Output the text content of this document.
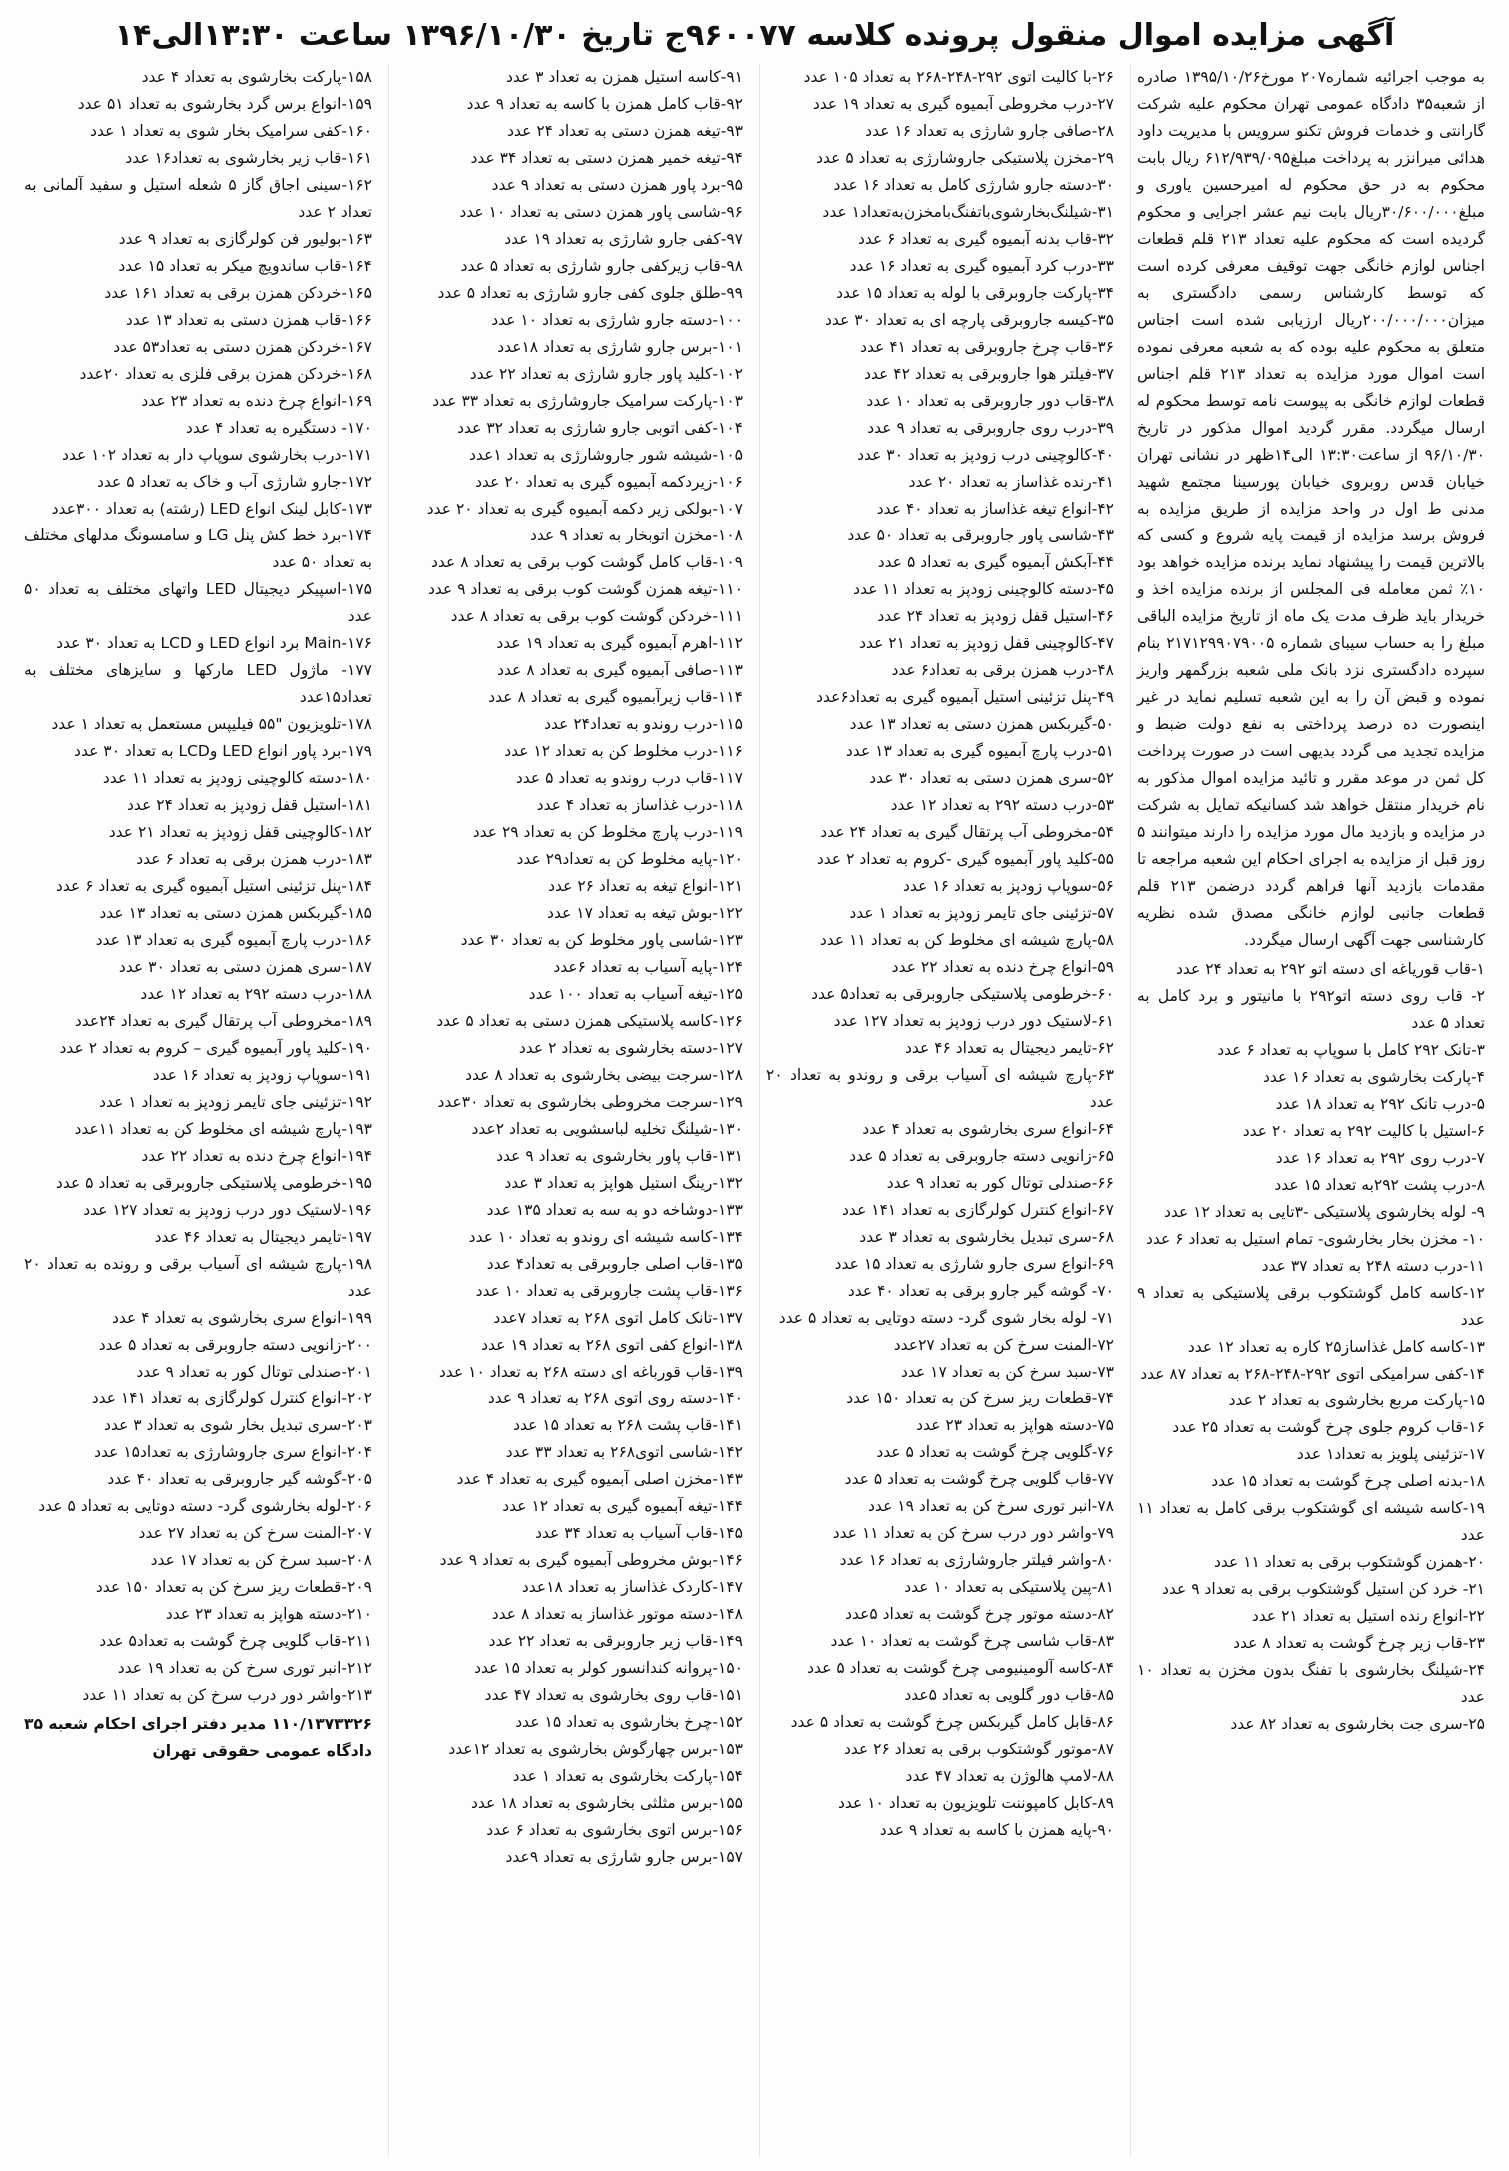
آگهی مزایده اموال منقول پرونده کلاسه ۹۶۰۰۷۷ج تاریخ ۱۳۹۶/۱۰/۳۰ ساعت ۱۳:۳۰الی۱۴

به موجب اجرائیه شماره۲۰۷ مورخ۱۳۹۵/۱۰/۲۶ صادره از شعبه۳۵ دادگاه عمومی تهران محکوم علیه شرکت گارانتی و خدمات فروش تکنو سرویس با مدیریت داود هدائی میرانزر به پرداخت مبلغ۶۱۲/۹۳۹/۰۹۵ ریال بابت محکوم به در حق محکوم له امیرحسین یاوری و مبلغ۳۰/۶۰۰/۰۰۰ریال بابت نیم عشر اجرایی و محکوم گردیده است که محکوم علیه تعداد ۲۱۳ قلم قطعات اجناس لوازم خانگی جهت توقیف معرفی کرده است که توسط کارشناس رسمی دادگستری به میزان۲۰۰/۰۰۰/۰۰۰ریال ارزیابی شده است اجناس متعلق به محکوم علیه بوده که به شعبه معرفی نموده است اموال مورد مزایده به تعداد ۲۱۳ قلم اجناس قطعات لوازم خانگی به پیوست نامه توسط محکوم له ارسال میگردد. مقرر گردید اموال مذکور در تاریخ ۹۶/۱۰/۳۰ از ساعت۱۳:۳۰ الی۱۴ظهر در نشانی تهران خیابان قدس روبروی خیابان پورسینا مجتمع شهید مدنی ط اول در واحد مزایده از طریق مزایده به فروش برسد مزایده از قیمت پایه شروع و کسی که بالاترین قیمت را پیشنهاد نماید برنده مزایده خواهد بود ۱۰٪ ثمن معامله فی المجلس از برنده مزایده اخذ و خریدار باید ظرف مدت یک ماه از تاریخ مزایده الباقی مبلغ را به حساب سیبای شماره ۲۱۷۱۲۹۹۰۷۹۰۰۵ بنام سپرده دادگستری نزد بانک ملی شعبه بزرگمهر واریز نموده و قبض آن را به این شعبه تسلیم نماید در غیر اینصورت ده درصد پرداختی به نفع دولت ضبط و مزایده تجدید می گردد بدیهی است در صورت پرداخت کل ثمن در موعد مقرر و تائید مزایده اموال مذکور به نام خریدار منتقل خواهد شد کسانیکه تمایل به شرکت در مزایده و بازدید مال مورد مزایده را دارند میتوانند ۵ روز قبل از مزایده به اجرای احکام این شعبه مراجعه تا مقدمات بازدید آنها فراهم گردد درضمن ۲۱۳ قلم قطعات جانبی لوازم خانگی مصدق شده نظریه کارشناسی جهت آگهی ارسال میگردد.

۱-قاب قوریاغه ای دسته اتو ۲۹۲ به تعداد ۲۴ عدد

۲- قاب روی دسته اتو۲۹۲ با مانیتور و برد کامل به تعداد ۵ عدد

۳-تانک ۲۹۲ کامل با سوپاپ به تعداد ۶ عدد

۴-پارکت بخارشوی به تعداد ۱۶ عدد

۵-درب تانک ۲۹۲ به تعداد ۱۸ عدد

۶-استیل با کالیت ۲۹۲ به تعداد ۲۰ عدد

۷-درب روی ۲۹۲ به تعداد ۱۶ عدد

۸-درب پشت ۲۹۲به تعداد ۱۵ عدد

۹- لوله بخارشوی پلاستیکی -۳تایی به تعداد ۱۲ عدد

۱۰- مخزن بخار بخارشوی- تمام استیل به تعداد ۶ عدد

۱۱-درب دسته ۲۴۸ به تعداد ۳۷ عدد

۱۲-کاسه کامل گوشتکوب برقی پلاستیکی به تعداد ۹ عدد

۱۳-کاسه کامل غذاساز۲۵ کاره به تعداد ۱۲ عدد

۱۴-کفی سرامیکی اتوی ۲۹۲-۲۴۸-۲۶۸ به تعداد ۸۷ عدد

۱۵-پارکت مربع بخارشوی به تعداد ۲ عدد

۱۶-قاب کروم جلوی چرخ گوشت به تعداد ۲۵ عدد

۱۷-تزئینی پلویز به تعداد۱ عدد

۱۸-بدنه اصلی چرخ گوشت به تعداد ۱۵ عدد

۱۹-کاسه شیشه ای گوشتکوب برقی کامل به تعداد ۱۱ عدد

۲۰-همزن گوشتکوب برقی به تعداد ۱۱ عدد

۲۱- خرد کن استیل گوشتکوب برقی به تعداد ۹ عدد

۲۲-انواع رنده استیل به تعداد ۲۱ عدد

۲۳-قاب زیر چرخ گوشت به تعداد ۸ عدد

۲۴-شیلنگ بخارشوی با تفنگ بدون مخزن به تعداد ۱۰ عدد

۲۵-سری جت بخارشوی به تعداد ۸۲ عدد

۲۶-با کالیت اتوی ۲۹۲-۲۴۸-۲۶۸ به تعداد ۱۰۵ عدد

۲۷-درب مخروطی آبمیوه گیری به تعداد ۱۹ عدد

۲۸-صافی جارو شارژی به تعداد ۱۶ عدد

۲۹-مخزن پلاستیکی جاروشارژی به تعداد ۵ عدد

۳۰-دسته جارو شارژی کامل به تعداد ۱۶ عدد

۳۱-شیلنگ‌بخارشوی‌باتفنگ‌بامخزن‌به‌تعداد۱ عدد

۳۲-قاب بدنه آبمیوه گیری به تعداد ۶ عدد

۳۳-درب کرد آبمیوه گیری به تعداد ۱۶ عدد

۳۴-پارکت جاروبرقی با لوله به تعداد ۱۵ عدد

۳۵-کیسه جاروبرقی پارچه ای به تعداد ۳۰ عدد

۳۶-قاب چرخ جاروبرقی به تعداد ۴۱ عدد

۳۷-فیلتر هوا جاروبرقی به تعداد ۴۲ عدد

۳۸-قاب دور جاروبرقی به تعداد ۱۰ عدد

۳۹-درب روی جاروبرقی به تعداد ۹ عدد

۴۰-کالوچینی درب زودپز به تعداد ۳۰ عدد

۴۱-رنده غذاساز به تعداد ۲۰ عدد

۴۲-انواع تیغه غذاساز به تعداد ۴۰ عدد

۴۳-شاسی پاور جاروبرقی به تعداد ۵۰ عدد

۴۴-آبکش آبمیوه گیری به تعداد ۵ عدد

۴۵-دسته کالوچینی زودپز به تعداد ۱۱ عدد

۴۶-استیل قفل زودپز به تعداد ۲۴ عدد

۴۷-کالوچینی قفل زودپز به تعداد ۲۱ عدد

۴۸-درب همزن برقی به تعداد۶ عدد

۴۹-پنل تزئینی استیل آبمیوه گیری به تعداد۶عدد

۵۰-گیربکس همزن دستی به تعداد ۱۳ عدد

۵۱-درب پارچ آبمیوه گیری به تعداد ۱۳ عدد

۵۲-سری همزن دستی به تعداد ۳۰ عدد

۵۳-درب دسته ۲۹۲ به تعداد ۱۲ عدد

۵۴-مخروطی آب پرتقال گیری به تعداد ۲۴ عدد

۵۵-کلید پاور آبمیوه گیری -کروم به تعداد ۲ عدد

۵۶-سوپاپ زودپز به تعداد ۱۶ عدد

۵۷-تزئینی جای تایمر زودپز به تعداد ۱ عدد

۵۸-پارچ شیشه ای مخلوط کن به تعداد ۱۱ عدد

۵۹-انواع چرخ دنده به تعداد ۲۲ عدد

۶۰-خرطومی پلاستیکی جاروبرقی به تعداد۵ عدد

۶۱-لاستیک دور درب زودپز به تعداد ۱۲۷ عدد

۶۲-تایمر دیجیتال به تعداد ۴۶ عدد

۶۳-پارچ شیشه ای آسیاب برقی و روندو به تعداد ۲۰ عدد

۶۴-انواع سری بخارشوی به تعداد ۴ عدد

۶۵-زانویی دسته جاروبرقی به تعداد ۵ عدد

۶۶-صندلی توتال کور به تعداد ۹ عدد

۶۷-انواع کنترل کولرگازی به تعداد ۱۴۱ عدد

۶۸-سری تبدیل بخارشوی به تعداد ۳ عدد

۶۹-انواع سری جارو شارژی به تعداد ۱۵ عدد

۷۰- گوشه گیر جارو برقی به تعداد ۴۰ عدد

۷۱- لوله بخار شوی گرد- دسته دوتایی به تعداد ۵ عدد

۷۲-المنت سرخ کن به تعداد ۲۷عدد

۷۳-سبد سرخ کن به تعداد ۱۷ عدد

۷۴-قطعات ریز سرخ کن به تعداد ۱۵۰ عدد

۷۵-دسته هواپز به تعداد ۲۳ عدد

۷۶-گلویی چرخ گوشت به تعداد ۵ عدد

۷۷-قاب گلویی چرخ گوشت به تعداد ۵ عدد

۷۸-انبر توری سرخ کن به تعداد ۱۹ عدد

۷۹-واشر دور درب سرخ کن به تعداد ۱۱ عدد

۸۰-واشر فیلتر جاروشارژی به تعداد ۱۶ عدد

۸۱-پین پلاستیکی به تعداد ۱۰ عدد

۸۲-دسته موتور چرخ گوشت به تعداد ۵عدد

۸۳-قاب شاسی چرخ گوشت به تعداد ۱۰ عدد

۸۴-کاسه آلومینیومی چرخ گوشت به تعداد ۵ عدد

۸۵-قاب دور گلویی به تعداد ۵عدد

۸۶-قابل کامل گیربکس چرخ گوشت به تعداد ۵ عدد

۸۷-موتور گوشتکوب برقی به تعداد ۲۶ عدد

۸۸-لامپ هالوژن به تعداد ۴۷ عدد

۸۹-کابل کامپوننت تلویزیون به تعداد ۱۰ عدد

۹۰-پایه همزن با کاسه به تعداد ۹ عدد

۹۱-کاسه استیل همزن به تعداد ۳ عدد

۹۲-قاب کامل همزن با کاسه به تعداد ۹ عدد

۹۳-تیغه همزن دستی به تعداد ۲۴ عدد

۹۴-تیغه خمیر همزن دستی به تعداد ۳۴ عدد

۹۵-برد پاور همزن دستی به تعداد ۹ عدد

۹۶-شاسی پاور همزن دستی به تعداد ۱۰ عدد

۹۷-کفی جارو شارژی به تعداد ۱۹ عدد

۹۸-قاب زیرکفی جارو شارژی به تعداد ۵ عدد

۹۹-طلق جلوی کفی جارو شارژی به تعداد ۵ عدد

۱۰۰-دسته جارو شارژی به تعداد ۱۰ عدد

۱۰۱-برس جارو شارژی به تعداد ۱۸عدد

۱۰۲-کلید پاور جارو شارژی به تعداد ۲۲ عدد

۱۰۳-پارکت سرامیک جاروشارژی به تعداد ۳۳ عدد

۱۰۴-کفی اتوبی جارو شارژی به تعداد ۳۲ عدد

۱۰۵-شیشه شور جاروشارژی به تعداد ۱عدد

۱۰۶-زیردکمه آبمیوه گیری به تعداد ۲۰ عدد

۱۰۷-بولکی زیر دکمه آبمیوه گیری به تعداد ۲۰ عدد

۱۰۸-مخزن اتوبخار به تعداد ۹ عدد

۱۰۹-قاب کامل گوشت کوب برقی به تعداد ۸ عدد

۱۱۰-تیغه همزن گوشت کوب برقی به تعداد ۹ عدد

۱۱۱-خردکن گوشت کوب برقی به تعداد ۸ عدد

۱۱۲-اهرم آبمیوه گیری به تعداد ۱۹ عدد

۱۱۳-صافی آبمیوه گیری به تعداد ۸ عدد

۱۱۴-قاب زیرآبمیوه گیری به تعداد ۸ عدد

۱۱۵-درب روندو به تعداد۲۴ عدد

۱۱۶-درب مخلوط کن به تعداد ۱۲ عدد

۱۱۷-قاب درب روندو به تعداد ۵ عدد

۱۱۸-درب غذاساز به تعداد ۴ عدد

۱۱۹-درب پارچ مخلوط کن به تعداد ۲۹ عدد

۱۲۰-پایه مخلوط کن به تعداد۲۹ عدد

۱۲۱-انواع تیغه به تعداد ۲۶ عدد

۱۲۲-بوش تیغه به تعداد ۱۷ عدد

۱۲۳-شاسی پاور مخلوط کن به تعداد ۳۰ عدد

۱۲۴-پایه آسیاب به تعداد ۶عدد

۱۲۵-تیغه آسیاب به تعداد ۱۰۰ عدد

۱۲۶-کاسه پلاستیکی همزن دستی به تعداد ۵ عدد

۱۲۷-دسته بخارشوی به تعداد ۲ عدد

۱۲۸-سرجت بیضی بخارشوی به تعداد ۸ عدد

۱۲۹-سرجت مخروطی بخارشوی به تعداد ۳۰عدد

۱۳۰-شیلنگ تخلیه لباسشویی به تعداد ۲عدد

۱۳۱-قاب پاور بخارشوی به تعداد ۹ عدد

۱۳۲-رینگ استیل هواپز به تعداد ۳ عدد

۱۳۳-دوشاخه دو به سه به تعداد ۱۳۵ عدد

۱۳۴-کاسه شیشه ای روندو به تعداد ۱۰ عدد

۱۳۵-قاب اصلی جاروبرقی به تعداد۴ عدد

۱۳۶-قاب پشت جاروبرقی به تعداد ۱۰ عدد

۱۳۷-تانک کامل اتوی ۲۶۸ به تعداد ۷عدد

۱۳۸-انواع کفی اتوی ۲۶۸ به تعداد ۱۹ عدد

۱۳۹-قاب قورباغه ای دسته ۲۶۸ به تعداد ۱۰ عدد

۱۴۰-دسته روی اتوی ۲۶۸ به تعداد ۹ عدد

۱۴۱-قاب پشت ۲۶۸ به تعداد ۱۵ عدد

۱۴۲-شاسی اتوی۲۶۸ به تعداد ۳۳ عدد

۱۴۳-مخزن اصلی آبمیوه گیری به تعداد ۴ عدد

۱۴۴-تیغه آبمیوه گیری به تعداد ۱۲ عدد

۱۴۵-قاب آسیاب به تعداد ۳۴ عدد

۱۴۶-بوش مخروطی آبمیوه گیری به تعداد ۹ عدد

۱۴۷-کاردک غذاساز به تعداد ۱۸عدد

۱۴۸-دسته موتور غذاساز به تعداد ۸ عدد

۱۴۹-قاب زیر جاروبرقی به تعداد ۲۲ عدد

۱۵۰-پروانه کندانسور کولر به تعداد ۱۵ عدد

۱۵۱-قاب روی بخارشوی به تعداد ۴۷ عدد

۱۵۲-چرخ بخارشوی به تعداد ۱۵ عدد

۱۵۳-برس چهارگوش بخارشوی به تعداد ۱۲عدد

۱۵۴-پارکت بخارشوی به تعداد ۱ عدد

۱۵۵-برس مثلثی بخارشوی به تعداد ۱۸ عدد

۱۵۶-برس اتوی بخارشوی به تعداد ۶ عدد

۱۵۷-برس جارو شارژی به تعداد ۹عدد

۱۵۸-پارکت بخارشوی به تعداد ۴ عدد

۱۵۹-انواع برس گرد بخارشوی به تعداد ۵۱ عدد

۱۶۰-کفی سرامیک بخار شوی به تعداد ۱ عدد

۱۶۱-قاب زیر بخارشوی به تعداد۱۶ عدد

۱۶۲-سینی اجاق گاز ۵ شعله استیل و سفید آلمانی به تعداد ۲ عدد

۱۶۳-بولیور فن کولرگازی به تعداد ۹ عدد

۱۶۴-قاب ساندویچ میکر به تعداد ۱۵ عدد

۱۶۵-خردکن همزن برقی به تعداد ۱۶۱ عدد

۱۶۶-قاب همزن دستی به تعداد ۱۳ عدد

۱۶۷-خردکن همزن دستی به تعداد۵۳ عدد

۱۶۸-خردکن همزن برقی فلزی به تعداد ۲۰عدد

۱۶۹-انواع چرخ دنده به تعداد ۲۳ عدد

۱۷۰- دستگیره به تعداد ۴ عدد

۱۷۱-درب بخارشوی سوپاپ دار به تعداد ۱۰۲ عدد

۱۷۲-جارو شارژی آب و خاک به تعداد ۵ عدد

۱۷۳-کابل لینک انواع LED (رشته) به تعداد ۳۰۰عدد

۱۷۴-برد خط کش پنل LG و سامسونگ مدلهای مختلف به تعداد ۵۰ عدد

۱۷۵-اسپیکر دیجیتال LED واتهای مختلف به تعداد ۵۰ عدد

۱۷۶-Main برد انواع LED و LCD به تعداد ۳۰ عدد

۱۷۷- ماژول LED مارکها و سایزهای مختلف به تعداد۱۵عدد

۱۷۸-تلویزیون "۵۵ فیلیپس مستعمل به تعداد ۱ عدد

۱۷۹-برد پاور انواع LED وLCD به تعداد ۳۰ عدد

۱۸۰-دسته کالوچینی زودپز به تعداد ۱۱ عدد

۱۸۱-استیل قفل زودپز به تعداد ۲۴ عدد

۱۸۲-کالوچینی قفل زودپز به تعداد ۲۱ عدد

۱۸۳-درب همزن برقی به تعداد ۶ عدد

۱۸۴-پنل تزئینی استیل آبمیوه گیری به تعداد ۶ عدد

۱۸۵-گیربکس همزن دستی به تعداد ۱۳ عدد

۱۸۶-درب پارچ آبمیوه گیری به تعداد ۱۳ عدد

۱۸۷-سری همزن دستی به تعداد ۳۰ عدد

۱۸۸-درب دسته ۲۹۲ به تعداد ۱۲ عدد

۱۸۹-مخروطی آب پرتقال گیری به تعداد ۲۴عدد

۱۹۰-کلید پاور آبمیوه گیری – کروم به تعداد ۲ عدد

۱۹۱-سوپاپ زودپز به تعداد ۱۶ عدد

۱۹۲-تزئینی جای تایمر زودپز به تعداد ۱ عدد

۱۹۳-پارچ شیشه ای مخلوط کن به تعداد ۱۱عدد

۱۹۴-انواع چرخ دنده به تعداد ۲۲ عدد

۱۹۵-خرطومی پلاستیکی جاروبرقی به تعداد ۵ عدد

۱۹۶-لاستیک دور درب زودپز به تعداد ۱۲۷ عدد

۱۹۷-تایمر دیجیتال به تعداد ۴۶ عدد

۱۹۸-پارچ شیشه ای آسیاب برقی و رونده به تعداد ۲۰ عدد

۱۹۹-انواع سری بخارشوی به تعداد ۴ عدد

۲۰۰-زانویی دسته جاروبرقی به تعداد ۵ عدد

۲۰۱-صندلی توتال کور به تعداد ۹ عدد

۲۰۲-انواع کنترل کولرگازی به تعداد ۱۴۱ عدد

۲۰۳-سری تبدیل بخار شوی به تعداد ۳ عدد

۲۰۴-انواع سری جاروشارژی به تعداد۱۵ عدد

۲۰۵-گوشه گیر جاروبرقی به تعداد ۴۰ عدد

۲۰۶-لوله بخارشوی گرد- دسته دوتایی به تعداد ۵ عدد

۲۰۷-المنت سرخ کن به تعداد ۲۷ عدد

۲۰۸-سبد سرخ کن به تعداد ۱۷ عدد

۲۰۹-قطعات ریز سرخ کن به تعداد ۱۵۰ عدد

۲۱۰-دسته هواپز به تعداد ۲۳ عدد

۲۱۱-قاب گلویی چرخ گوشت به تعداد۵ عدد

۲۱۲-انبر توری سرخ کن به تعداد ۱۹ عدد

۲۱۳-واشر دور درب سرخ کن به تعداد ۱۱ عدد

۱۱۰/۱۳۷۳۳۲۶ مدیر دفتر اجرای احکام شعبه ۳۵ دادگاه عمومی حقوقی تهران
